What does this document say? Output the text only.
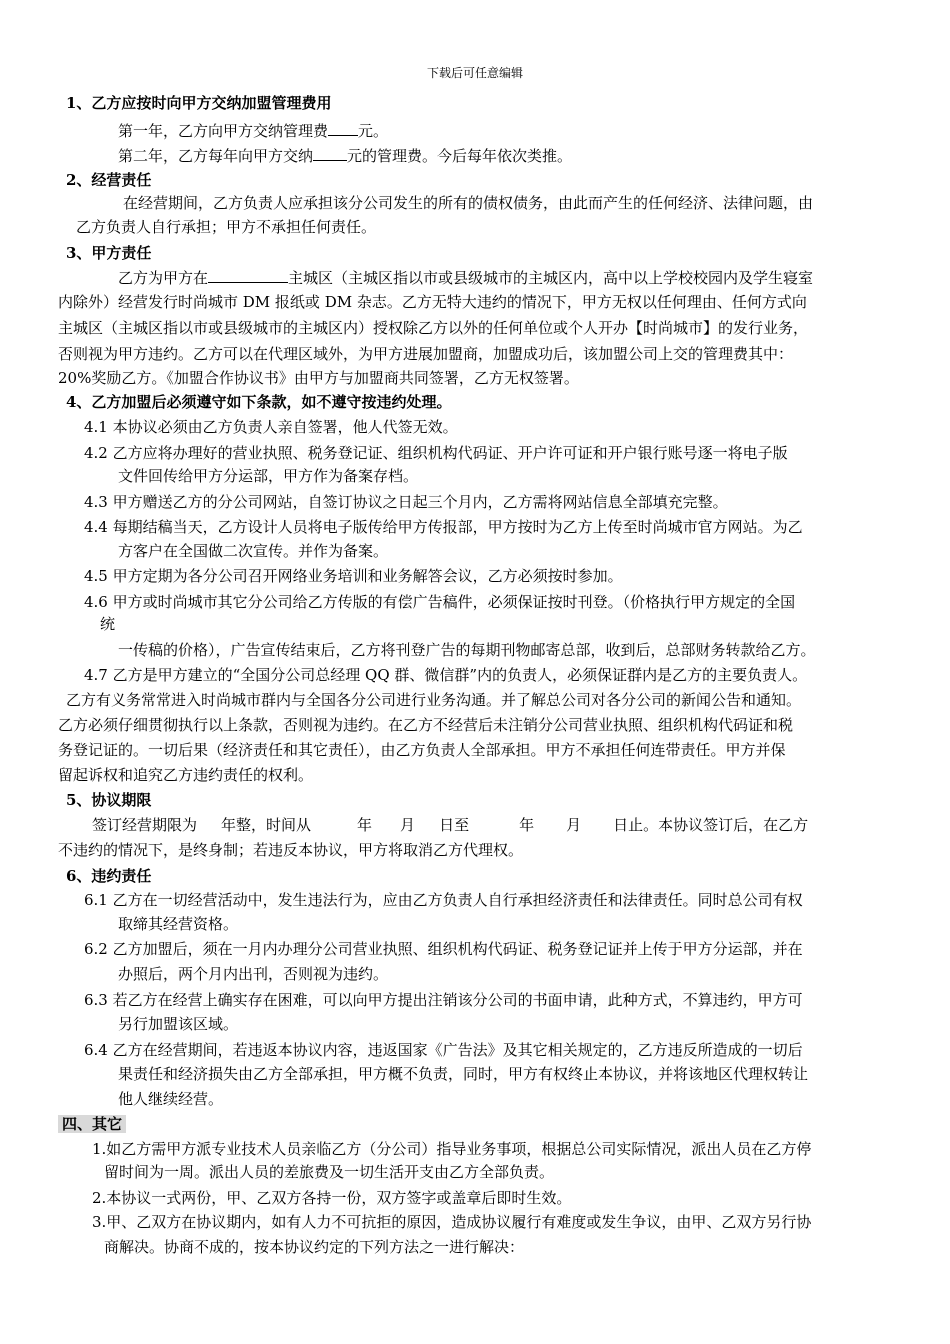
下载后可任意编辑
1、乙方应按时向甲方交纳加盟管理费用
第一年，乙方向甲方交纳管理费 元。
第二年，乙方每年向甲方交纳 元的管理费。今后每年依次类推。
2、经营责任
在经营期间，乙方负责人应承担该分公司发生的所有的债权债务，由此而产生的任何经济、法律问题，由
乙方负责人自行承担；甲方不承担任何责任。
3、甲方责任
乙方为甲方在	主城区（主城区指以市或县级城市的主城区内，高中以上学校校园内及学生寝室
内除外）经营发行时尚城市 DM 报纸或 DM 杂志。乙方无特大违约的情况下，甲方无权以任何理由、任何方式向
主城区（主城区指以市或县级城市的主城区内）授权除乙方以外的任何单位或个人开办【时尚城市】的发行业务，
否则视为甲方违约。乙方可以在代理区域外，为甲方进展加盟商，加盟成功后，该加盟公司上交的管理费其中：
20%奖励乙方。《加盟合作协议书》由甲方与加盟商共同签署，乙方无权签署。
4、乙方加盟后必须遵守如下条款，如不遵守按违约处理。
4.1 本协议必须由乙方负责人亲自签署，他人代签无效。
4.2 乙方应将办理好的营业执照、税务登记证、组织机构代码证、开户许可证和开户银行账号逐一将电子版
文件回传给甲方分运部，甲方作为备案存档。
4.3 甲方赠送乙方的分公司网站，自签订协议之日起三个月内，乙方需将网站信息全部填充完整。
4.4 每期结稿当天，乙方设计人员将电子版传给甲方传报部，甲方按时为乙方上传至时尚城市官方网站。为乙
方客户在全国做二次宣传。并作为备案。
4.5 甲方定期为各分公司召开网络业务培训和业务解答会议，乙方必须按时参加。
4.6 甲方或时尚城市其它分公司给乙方传版的有偿广告稿件，必须保证按时刊登。（价格执行甲方规定的全国
统
一传稿的价格），广告宣传结束后，乙方将刊登广告的每期刊物邮寄总部，收到后，总部财务转款给乙方。
4.7 乙方是甲方建立的“全国分公司总经理 QQ 群、微信群”内的负责人，必须保证群内是乙方的主要负责人。
乙方有义务常常进入时尚城市群内与全国各分公司进行业务沟通。并了解总公司对各分公司的新闻公告和通知。
乙方必须仔细贯彻执行以上条款，否则视为违约。在乙方不经营后未注销分公司营业执照、组织机构代码证和税
务登记证的。一切后果（经济责任和其它责任），由乙方负责人全部承担。甲方不承担任何连带责任。甲方并保
留起诉权和追究乙方违约责任的权利。
5、协议期限
签订经营期限为 年整，时间从	年 月 日至	年 月 日止。本协议签订后，在乙方
不违约的情况下，是终身制；若违反本协议，甲方将取消乙方代理权。
6、违约责任
6.1 乙方在一切经营活动中，发生违法行为，应由乙方负责人自行承担经济责任和法律责任。同时总公司有权
取缔其经营资格。
6.2 乙方加盟后，须在一月内办理分公司营业执照、组织机构代码证、税务登记证并上传于甲方分运部，并在
办照后，两个月内出刊，否则视为违约。
6.3 若乙方在经营上确实存在困难，可以向甲方提出注销该分公司的书面申请，此种方式，不算违约，甲方可
另行加盟该区域。
6.4 乙方在经营期间，若违返本协议内容，违返国家《广告法》及其它相关规定的，乙方违反所造成的一切后
果责任和经济损失由乙方全部承担，甲方概不负责，同时，甲方有权终止本协议，并将该地区代理权转让
他人继续经营。
四、其它
1.如乙方需甲方派专业技术人员亲临乙方（分公司）指导业务事项，根据总公司实际情况，派出人员在乙方停
留时间为一周。派出人员的差旅费及一切生活开支由乙方全部负责。
2.本协议一式两份，甲、乙双方各持一份，双方签字或盖章后即时生效。
3.甲、乙双方在协议期内，如有人力不可抗拒的原因，造成协议履行有难度或发生争议，由甲、乙双方另行协
商解决。协商不成的，按本协议约定的下列方法之一进行解决：
